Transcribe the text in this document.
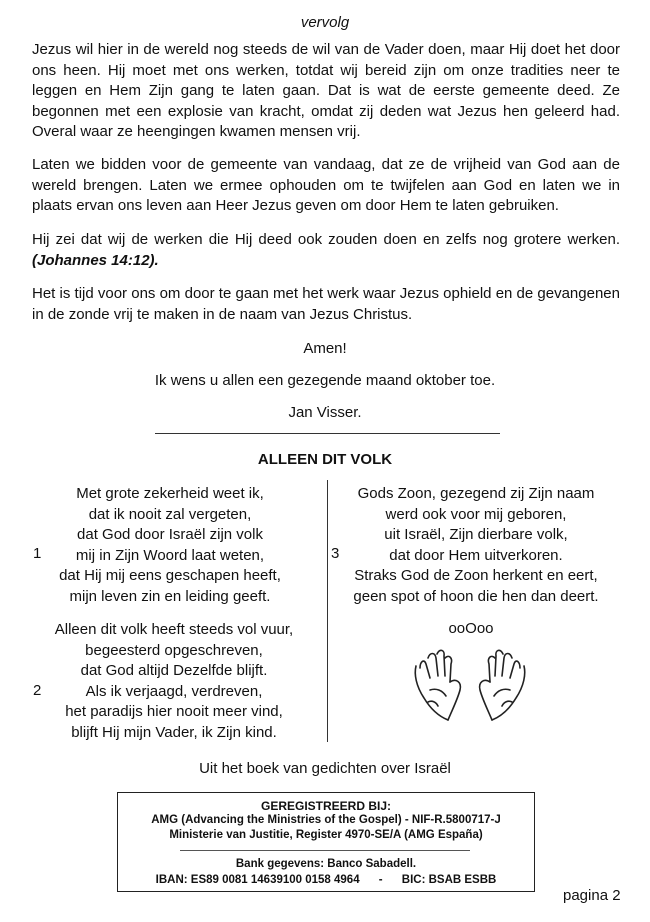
vervolg

Jezus wil hier in de wereld nog steeds de wil van de Vader doen, maar Hij doet het door ons heen. Hij moet met ons werken, totdat wij bereid zijn om onze tradities neer te leggen en Hem Zijn gang te laten gaan. Dat is wat de eerste gemeente deed. Ze begonnen met een explosie van kracht, omdat zij deden wat Jezus hen geleerd had. Overal waar ze heengingen kwamen mensen vrij.

Laten we bidden voor de gemeente van vandaag, dat ze de vrijheid van God aan de wereld brengen. Laten we ermee ophouden om te twijfelen aan God en laten we in plaats ervan ons leven aan Heer Jezus geven om door Hem te laten gebruiken.

Hij zei dat wij de werken die Hij deed ook zouden doen en zelfs nog grotere werken. (Johannes 14:12).

Het is tijd voor ons om door te gaan met het werk waar Jezus ophield en de gevangenen in de zonde vrij te maken in de naam van Jezus Christus.

Amen!
Ik wens u allen een gezegende maand oktober toe.
Jan Visser.
ALLEEN DIT VOLK
Met grote zekerheid weet ik,
dat ik nooit zal vergeten,
dat God door Israël zijn volk
mij in Zijn Woord laat weten,
dat Hij mij eens geschapen heeft,
mijn leven zin en leiding geeft.
1
Alleen dit volk heeft steeds vol vuur,
begeesterd opgeschreven,
dat God altijd Dezelfde blijft.
Als ik verjaagd, verdreven,
het paradijs hier nooit meer vind,
blijft Hij mijn Vader, ik Zijn kind.
2
Gods Zoon, gezegend zij Zijn naam
werd ook voor mij geboren,
uit Israël, Zijn dierbare volk,
dat door Hem uitverkoren.
Straks God de Zoon herkent en eert,
geen spot of hoon die hen dan deert.
3
ooOoo
Uit het boek van gedichten over Israël
GEREGISTREERD BIJ:
AMG (Advancing the Ministries of the Gospel) - NIF-R.5800717-J
Ministerie van Justitie, Register 4970-SE/A (AMG España)
Bank gegevens: Banco Sabadell.
IBAN: ES89 0081 14639100 0158 4964      -      BIC: BSAB ESBB
pagina 2
